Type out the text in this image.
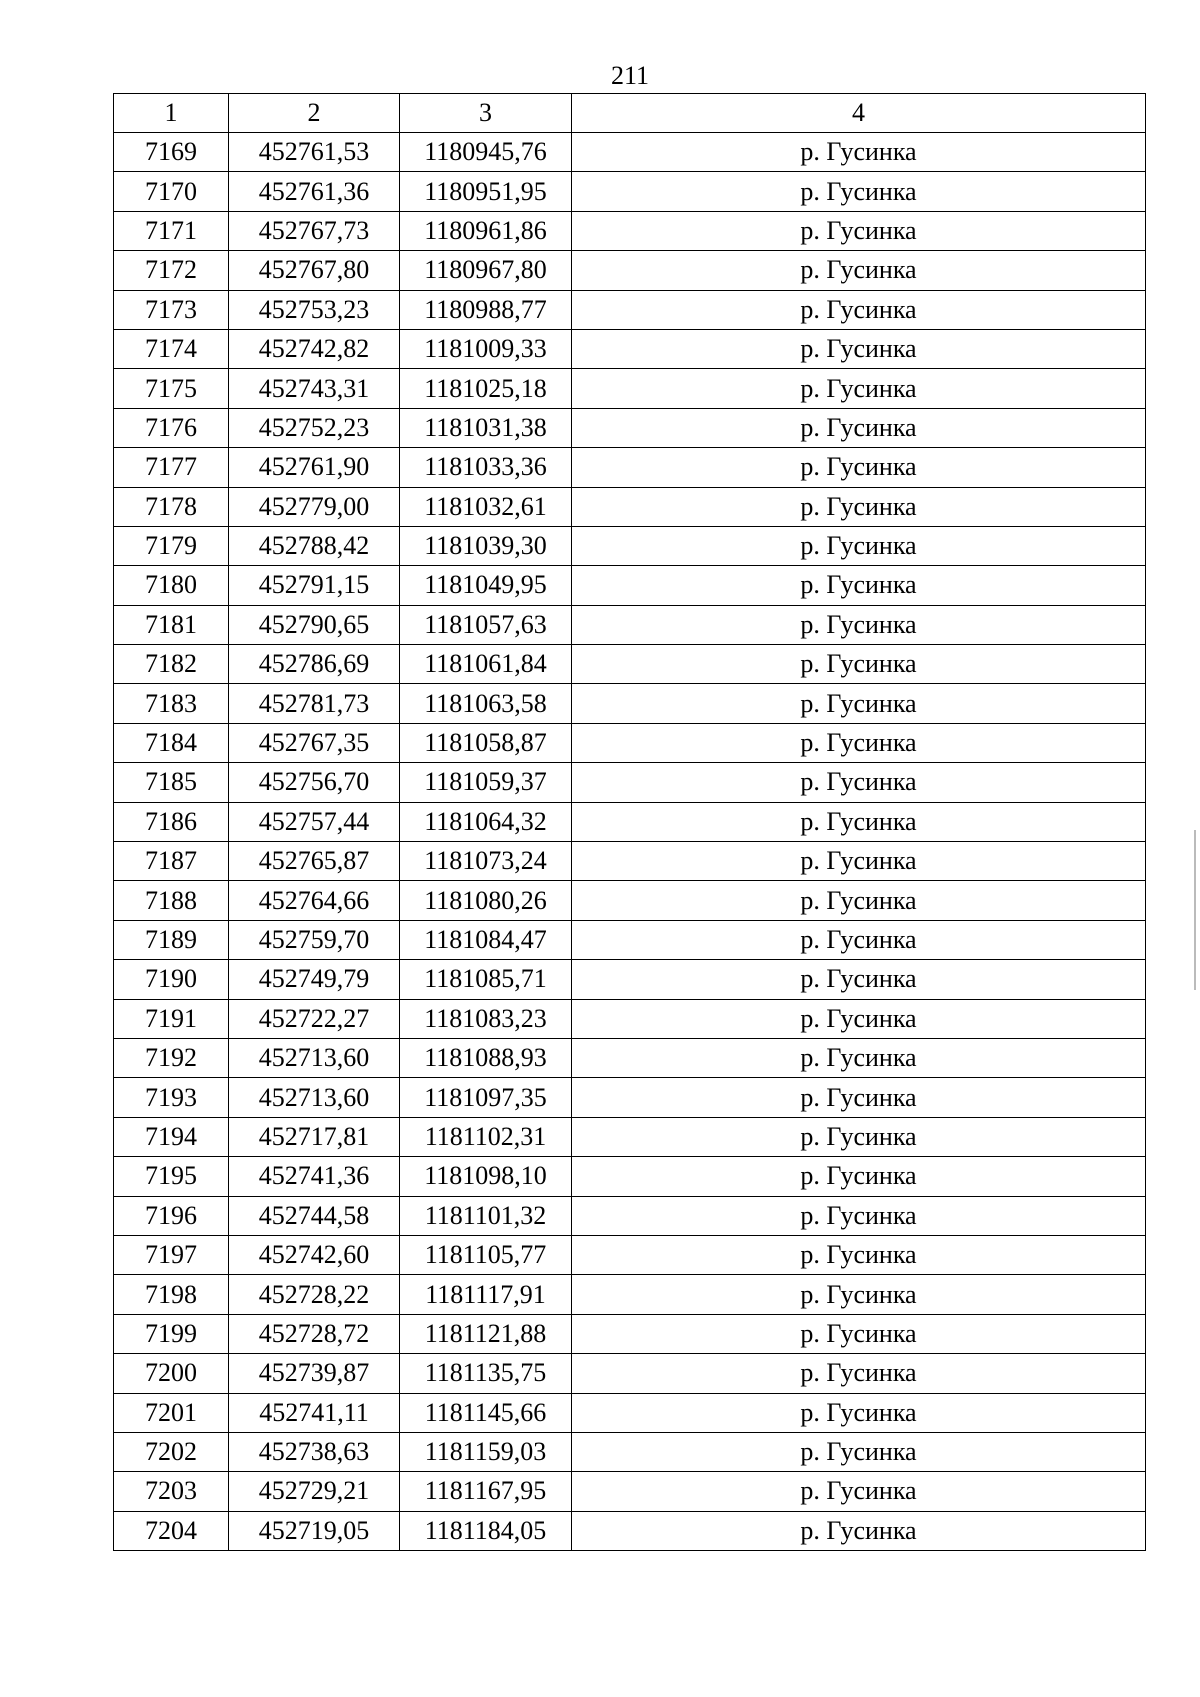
211
1	2	3	4
7169	452761,53	1180945,76	р. Гусинка
7170	452761,36	1180951,95	р. Гусинка
7171	452767,73	1180961,86	р. Гусинка
7172	452767,80	1180967,80	р. Гусинка
7173	452753,23	1180988,77	р. Гусинка
7174	452742,82	1181009,33	р. Гусинка
7175	452743,31	1181025,18	р. Гусинка
7176	452752,23	1181031,38	р. Гусинка
7177	452761,90	1181033,36	р. Гусинка
7178	452779,00	1181032,61	р. Гусинка
7179	452788,42	1181039,30	р. Гусинка
7180	452791,15	1181049,95	р. Гусинка
7181	452790,65	1181057,63	р. Гусинка
7182	452786,69	1181061,84	р. Гусинка
7183	452781,73	1181063,58	р. Гусинка
7184	452767,35	1181058,87	р. Гусинка
7185	452756,70	1181059,37	р. Гусинка
7186	452757,44	1181064,32	р. Гусинка
7187	452765,87	1181073,24	р. Гусинка
7188	452764,66	1181080,26	р. Гусинка
7189	452759,70	1181084,47	р. Гусинка
7190	452749,79	1181085,71	р. Гусинка
7191	452722,27	1181083,23	р. Гусинка
7192	452713,60	1181088,93	р. Гусинка
7193	452713,60	1181097,35	р. Гусинка
7194	452717,81	1181102,31	р. Гусинка
7195	452741,36	1181098,10	р. Гусинка
7196	452744,58	1181101,32	р. Гусинка
7197	452742,60	1181105,77	р. Гусинка
7198	452728,22	1181117,91	р. Гусинка
7199	452728,72	1181121,88	р. Гусинка
7200	452739,87	1181135,75	р. Гусинка
7201	452741,11	1181145,66	р. Гусинка
7202	452738,63	1181159,03	р. Гусинка
7203	452729,21	1181167,95	р. Гусинка
7204	452719,05	1181184,05	р. Гусинка
